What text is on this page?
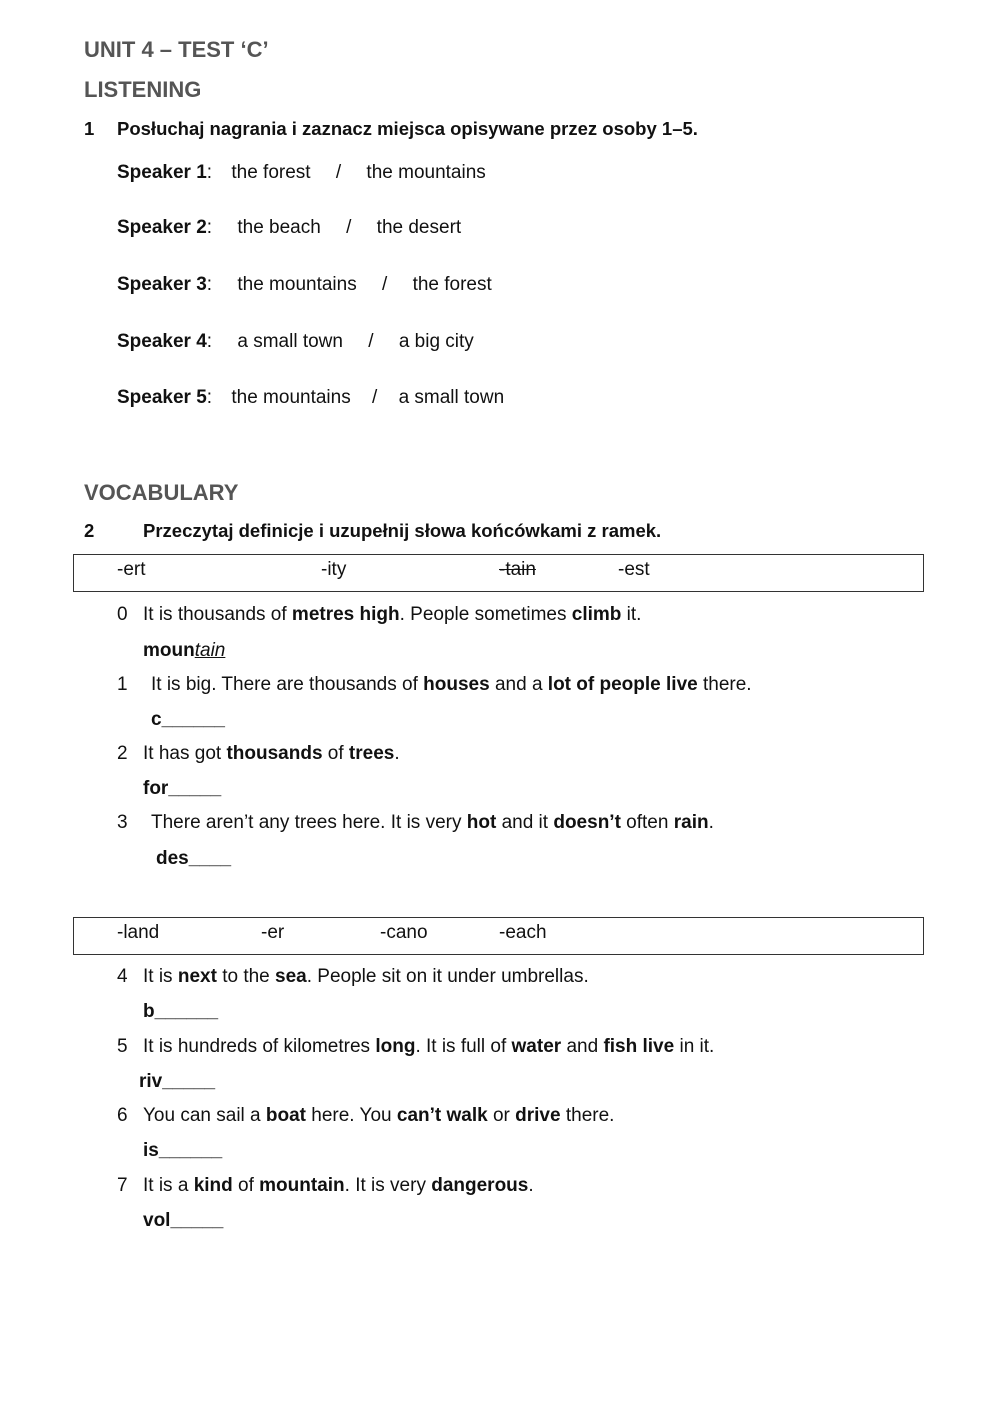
UNIT 4 – TEST ‘C’
LISTENING
1 Posłuchaj nagrania i zaznacz miejsca opisywane przez osoby 1–5.
Speaker 1: the forest / the mountains
Speaker 2: the beach / the desert
Speaker 3: the mountains / the forest
Speaker 4: a small town / a big city
Speaker 5: the mountains / a small town
VOCABULARY
2	Przeczytaj definicje i uzupełnij słowa końcówkami z ramek.
-ert	-ity	-tain	-est
0 It is thousands of metres high. People sometimes climb it.
mountain
1 It is big. There are thousands of houses and a lot of people live there.
c______
2 It has got thousands of trees.
for_____
3 There aren’t any trees here. It is very hot and it doesn’t often rain.
des____
-land	-er	-cano	-each
4 It is next to the sea. People sit on it under umbrellas.
b______
5 It is hundreds of kilometres long. It is full of water and fish live in it.
riv_____
6 You can sail a boat here. You can’t walk or drive there.
is______
7 It is a kind of mountain. It is very dangerous.
vol_____
